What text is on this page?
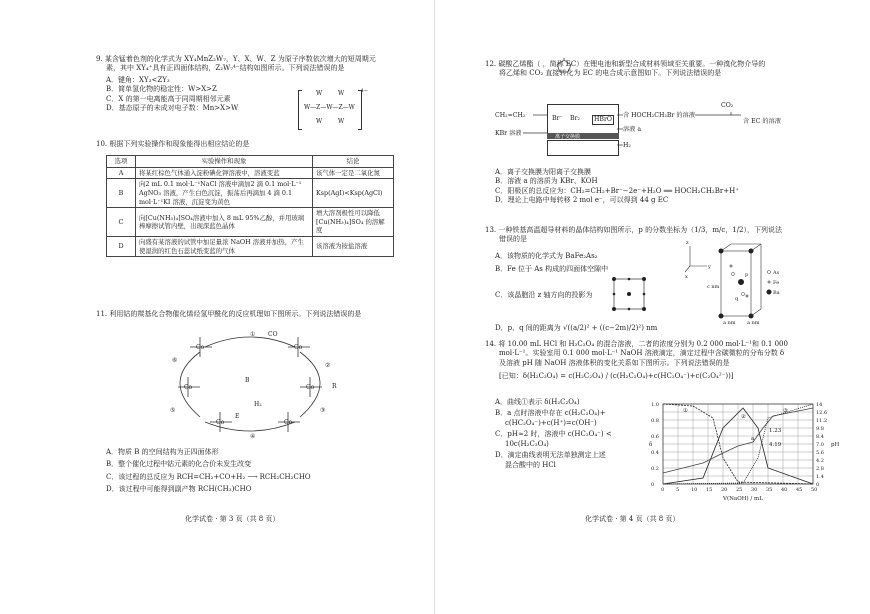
9. 某含锰着色剂的化学式为 XY₄MnZ₂W₇，Y、X、W、Z 为原子序数依次增大的短周期元
素，其中 XY₄⁺具有正四面体结构，Z₂W₇⁴⁻结构如图所示。下列说法错误的是
A．键角：XY₃<ZY₃
B．简单氢化物的稳定性：W>X>Z
C．X 的第一电离能高于同周期相邻元素
D．基态原子的未成对电子数：Mn>X>W
W	W
W—Z—W—Z—W
W	W
4−
10. 根据下列实验操作和现象能得出相应结论的是
选项	实验操作和现象	结论
A	将某红棕色气体通入淀粉碘化钾溶液中，溶液变蓝	该气体一定是二氧化氮
B	向2 mL 0.1 mol·L⁻¹NaCl 溶液中滴加2 滴 0.1 mol·L⁻¹ AgNO₃ 溶液，产生白色沉淀，振荡后再滴加 4 滴 0.1 mol·L⁻¹KI 溶液，沉淀变为黄色	Ksp(AgI)<Ksp(AgCl)
C	向[Cu(NH₃)₄]SO₄溶液中加入 8 mL 95%乙醇，并用玻璃棒摩擦试管内壁，出现深蓝色晶体	增大溶剂极性可以降低[Cu(NH₃)₄]SO₄ 的溶解度
D	向盛有某溶液的试管中加足量浓 NaOH 溶液并加热，产生使湿润的红色石蕊试纸变蓝的气体	该溶液为铵盐溶液
11. 利用钴的羰基化合物催化烯烃氢甲酰化的反应机理如下图所示。下列说法错误的是
Co	Co
Co
Co
Co
Co
①
②
③
④
⑤
⑥
B
E
H₂
CO
R
A．物质 B 的空间结构为正四面体形
B．整个催化过程中钴元素的化合价未发生改变
C．该过程的总反应为 RCH=CH₂+CO+H₂ ⟶ RCH₂CH₂CHO
D．该过程中可能得到副产物 RCH(CH₃)CHO
化学试卷 · 第 3 页（共 8 页）
12. 碳酸乙烯酯（ ，简称 EC）在锂电池和新型合成材料领域至关重要。一种溴化物介导的
将乙烯和 CO₂ 直接转化为 EC 的电合成示意图如下。下列说法错误的是
CH₂=CH₂
KBr 溶液
Br⁻ Br₂	HBrO
离子交换膜
含 HOCH₂CH₂Br 的溶液
CO₂
含 EC 的溶液
溶液 a
H₂
A．离子交换膜为阳离子交换膜
B．溶液 a 的溶质为 KBr、KOH
C．阳极区的总反应为：CH₂=CH₂+Br⁻−2e⁻+H₂O ══ HOCH₂CH₂Br+H⁺
D．理论上电路中每转移 2 mol e⁻，可以得到 44 g EC
13. 一种铁基高温超导材料的晶体结构如图所示，p 的分数坐标为（1/3，m/c，1/2），下列说法
错误的是
A．该物质的化学式为 BaFe₂As₂
B．Fe 位于 As 构成的四面体空隙中
C．该晶胞沿 z 轴方向的投影为
D．p、q 间的距离为 √((a/2)² + ((c−2m)/2)²) nm
z
y
x
c nm
a nm a nm
p
q
As
Fe
Ba
14. 将 10.00 mL HCl 和 H₂C₂O₄ 的混合溶液，二者的浓度分别为 0.2 000 mol·L⁻¹和 0.1 000
mol·L⁻¹。实验室用 0.1 000 mol·L⁻¹ NaOH 溶液滴定，滴定过程中含碳微粒的分布分数 δ
及溶液 pH 随 NaOH 溶液体积的变化关系如下图所示。下列说法错误的是
[已知：δ(H₂C₂O₄) = c(H₂C₂O₄) / (c(H₂C₂O₄)+c(HC₂O₄⁻)+c(C₂O₄²⁻))]
A．曲线①表示 δ(H₂C₂O₄)
B．a 点时溶液中存在 c(H₂C₂O₄)+
c(HC₂O₄⁻)+c(H⁺)=c(OH⁻)
C．pH≈2 时，溶液中 c(HC₂O₄⁻) <
10c(H₂C₂O₄)
D．滴定曲线表明无法单独测定上述
混合酸中的 HCl
0 5 10 15 20 25 30 35 40 45 50
1.0
0.8
0.6
0.4
0.2
0
14
12.6
11.2
9.8
8.4
7.0
5.6
4.2
2.8
1.4
0
①
②
③
a
1.23
4.19
δ	pH
V(NaOH) / mL
化学试卷 · 第 4 页（共 8 页）
